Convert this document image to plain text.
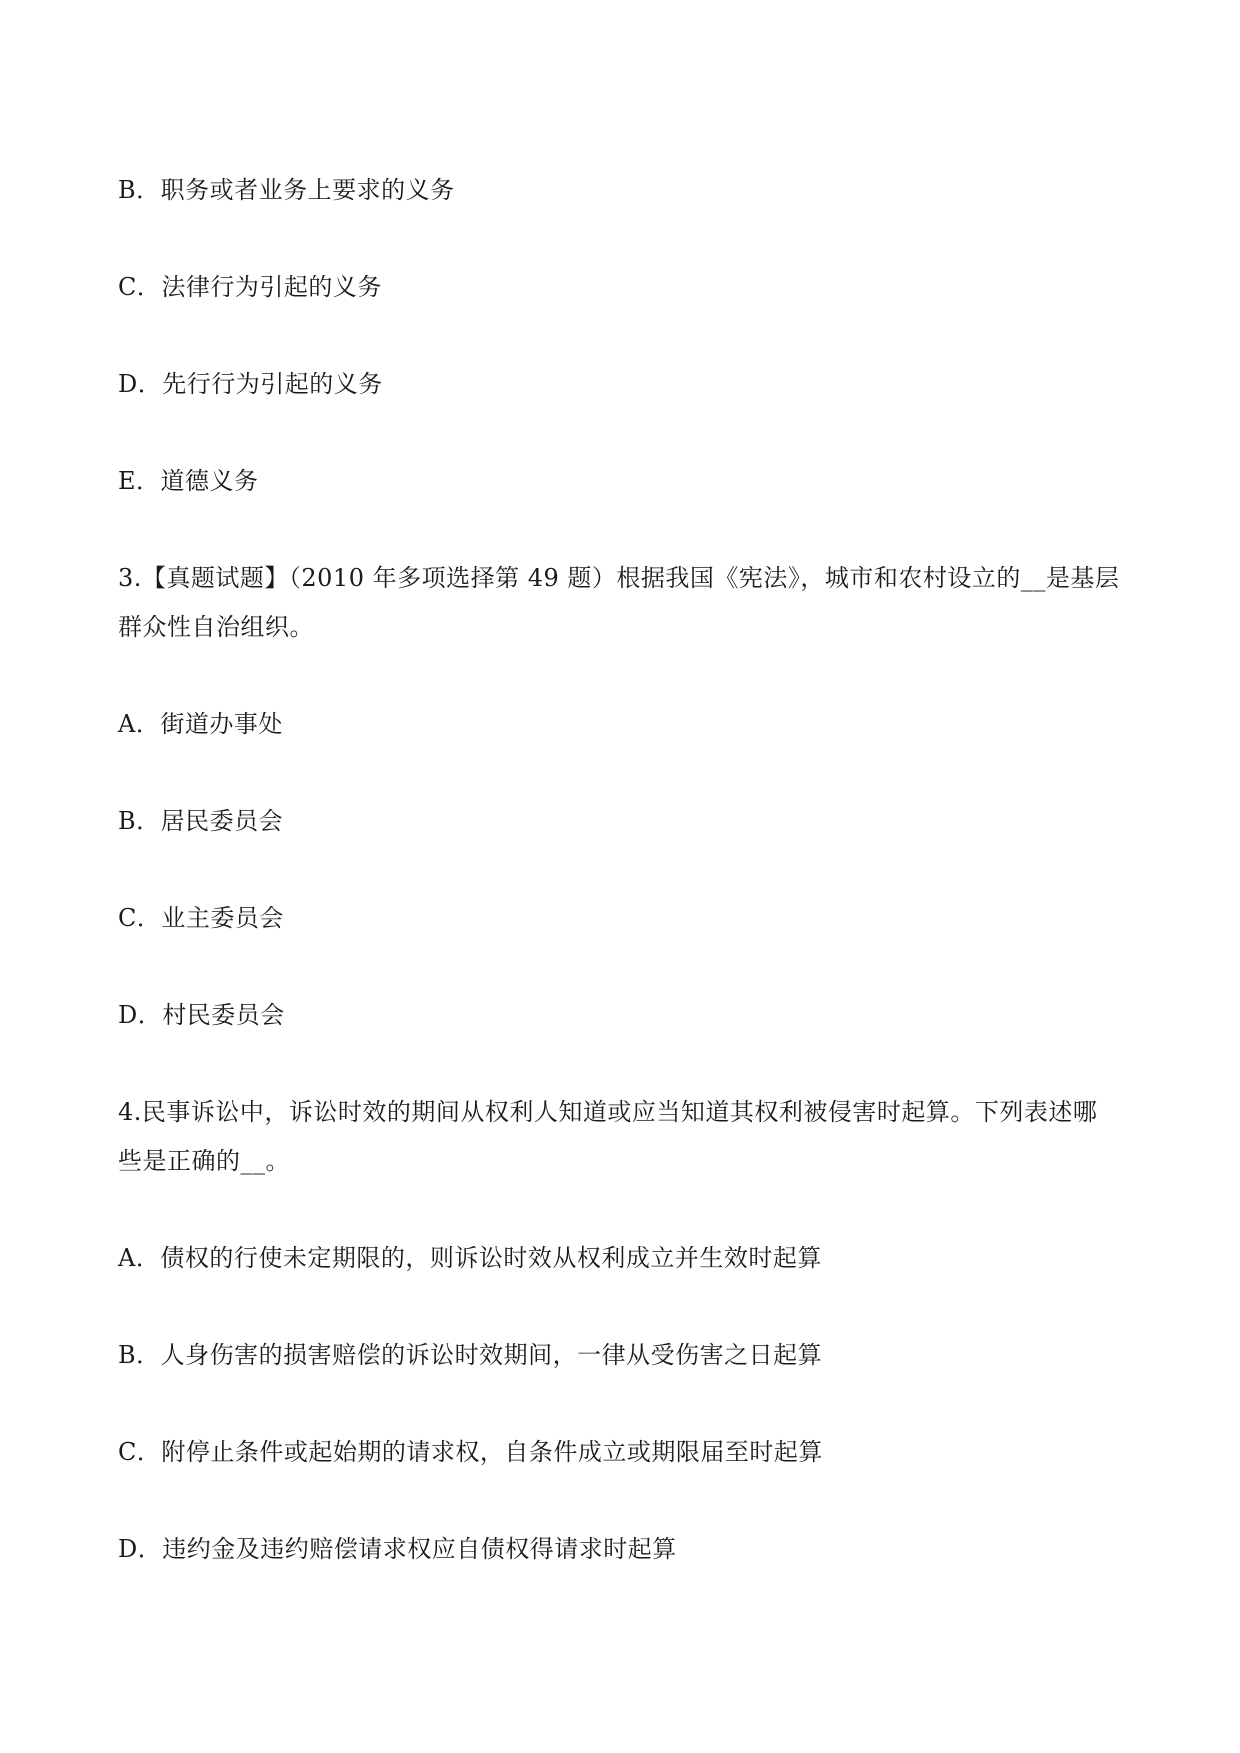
B．职务或者业务上要求的义务
C．法律行为引起的义务
D．先行行为引起的义务
E．道德义务
3.【真题试题】（2010 年多项选择第 49 题）根据我国《宪法》，城市和农村设立的__是基层
群众性自治组织。
A．街道办事处
B．居民委员会
C．业主委员会
D．村民委员会
4.民事诉讼中，诉讼时效的期间从权利人知道或应当知道其权利被侵害时起算。下列表述哪
些是正确的__。
A．债权的行使未定期限的，则诉讼时效从权利成立并生效时起算
B．人身伤害的损害赔偿的诉讼时效期间，一律从受伤害之日起算
C．附停止条件或起始期的请求权，自条件成立或期限届至时起算
D．违约金及违约赔偿请求权应自债权得请求时起算
